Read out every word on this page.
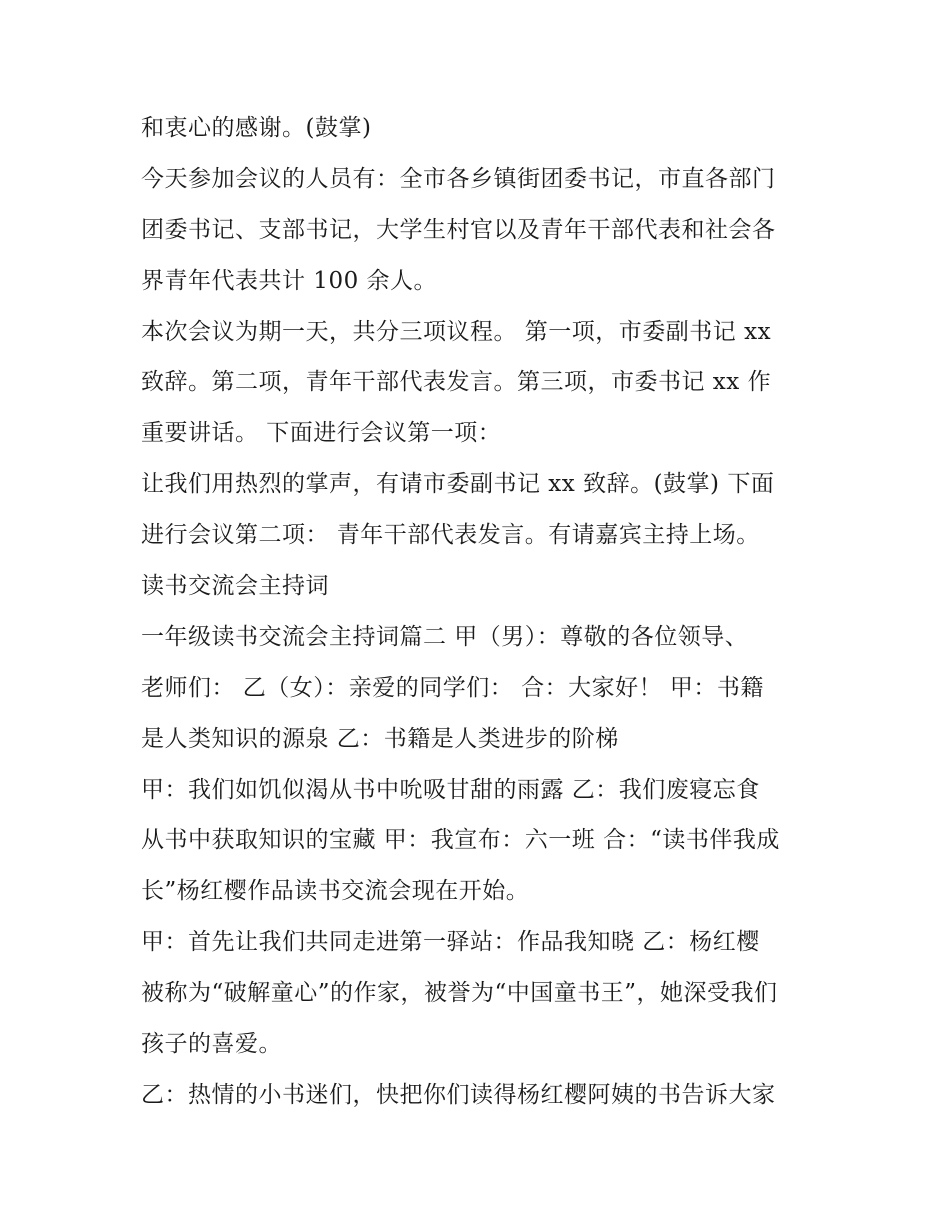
和衷心的感谢。(鼓掌)
今天参加会议的人员有：全市各乡镇街团委书记，市直各部门
团委书记、支部书记，大学生村官以及青年干部代表和社会各
界青年代表共计 100 余人。
本次会议为期一天，共分三项议程。 第一项，市委副书记 xx
致辞。第二项，青年干部代表发言。第三项，市委书记 xx 作
重要讲话。 下面进行会议第一项：
让我们用热烈的掌声，有请市委副书记 xx 致辞。(鼓掌) 下面
进行会议第二项： 青年干部代表发言。有请嘉宾主持上场。
读书交流会主持词
一年级读书交流会主持词篇二 甲（男）：尊敬的各位领导、
老师们： 乙（女）：亲爱的同学们： 合：大家好！ 甲：书籍
是人类知识的源泉 乙：书籍是人类进步的阶梯
甲：我们如饥似渴从书中吮吸甘甜的雨露 乙：我们废寝忘食
从书中获取知识的宝藏 甲：我宣布：六一班 合：“读书伴我成
长”杨红樱作品读书交流会现在开始。
甲：首先让我们共同走进第一驿站：作品我知晓 乙：杨红樱
被称为“破解童心”的作家，被誉为“中国童书王”，她深受我们
孩子的喜爱。
乙：热情的小书迷们，快把你们读得杨红樱阿姨的书告诉大家
